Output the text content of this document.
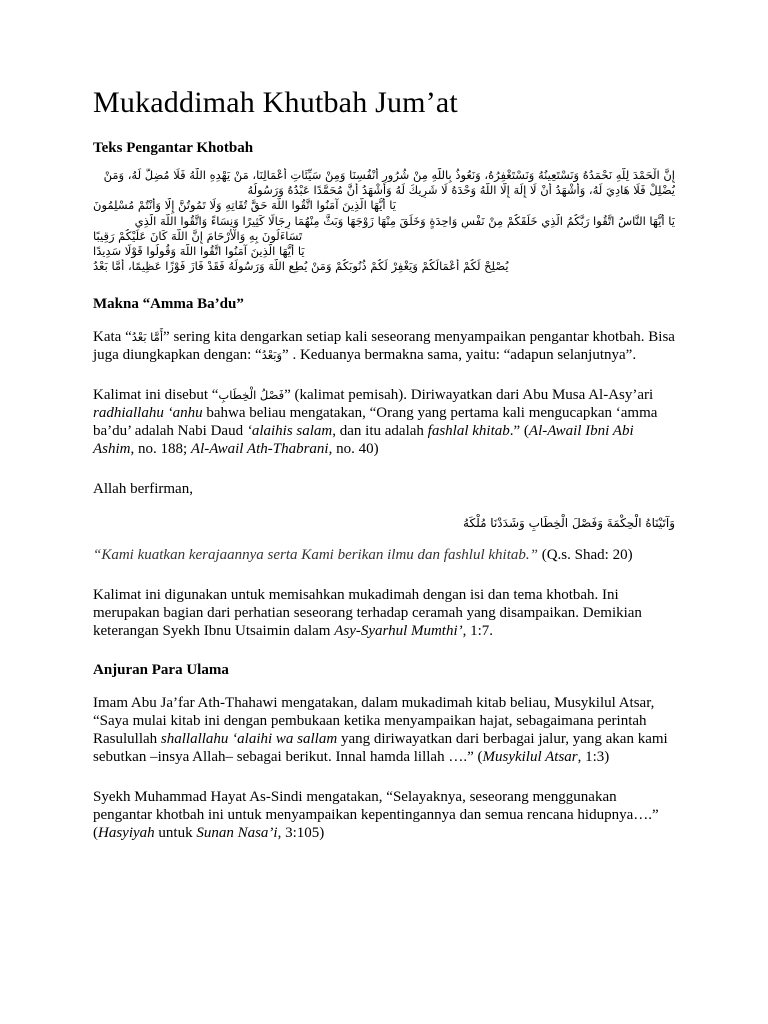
Mukaddimah Khutbah Jum’at
Teks Pengantar Khotbah
إِنَّ الْحَمْدَ لِلَّهِ نَحْمَدُهُ وَنَسْتَعِينُهُ وَنَسْتَغْفِرُهُ، وَنَعُوذُ بِاللَّهِ مِنْ شُرُورِ أَنْفُسِنَا وَمِنْ سَيِّئَاتِ أَعْمَالِنَا، مَنْ يَهْدِهِ اللَّهُ فَلَا مُضِلَّ لَهُ، وَمَنْ
يُضْلِلْ فَلَا هَادِيَ لَهُ، وَأَشْهَدُ أَنْ لَا إِلَهَ إِلَّا اللَّهُ وَحْدَهُ لَا شَرِيكَ لَهُ وَأَشْهَدُ أَنَّ مُحَمَّدًا عَبْدُهُ وَرَسُولُهُ
يَا أَيُّهَا الَّذِينَ آمَنُوا اتَّقُوا اللَّهَ حَقَّ تُقَاتِهِ وَلَا تَمُوتُنَّ إِلَّا وَأَنْتُمْ مُسْلِمُونَ
يَا أَيُّهَا النَّاسُ اتَّقُوا رَبَّكُمُ الَّذِي خَلَقَكُمْ مِنْ نَفْسٍ وَاحِدَةٍ وَخَلَقَ مِنْهَا زَوْجَهَا وَبَثَّ مِنْهُمَا رِجَالًا كَثِيرًا وَنِسَاءً وَاتَّقُوا اللَّهَ الَّذِي
تَسَاءَلُونَ بِهِ وَالْأَرْحَامَ إِنَّ اللَّهَ كَانَ عَلَيْكُمْ رَقِيبًا
يَا أَيُّهَا الَّذِينَ آمَنُوا اتَّقُوا اللَّهَ وَقُولُوا قَوْلًا سَدِيدًا
يُصْلِحْ لَكُمْ أَعْمَالَكُمْ وَيَغْفِرْ لَكُمْ ذُنُوبَكُمْ وَمَنْ يُطِعِ اللَّهَ وَرَسُولَهُ فَقَدْ فَازَ فَوْزًا عَظِيمًا، أَمَّا بَعْدُ
Makna “Amma Ba’du”

Kata “أَمَّا بَعْدُ” sering kita dengarkan setiap kali seseorang menyampaikan pengantar khotbah. Bisa juga diungkapkan dengan: “وَبَعْدُ” . Keduanya bermakna sama, yaitu: “adapun selanjutnya”.

Kalimat ini disebut “فَصْلُ الْخِطَابِ” (kalimat pemisah). Diriwayatkan dari Abu Musa Al-Asy’ari radhiallahu ‘anhu bahwa beliau mengatakan, “Orang yang pertama kali mengucapkan ‘amma ba’du’ adalah Nabi Daud ‘alaihis salam, dan itu adalah fashlal khitab.” (Al-Awail Ibni Abi Ashim, no. 188; Al-Awail Ath-Thabrani, no. 40)

Allah berfirman,

وَآتَيْنَاهُ الْحِكْمَةَ وَفَصْلَ الْخِطَابِ وَشَدَدْنَا مُلْكَهُ

“Kami kuatkan kerajaannya serta Kami berikan ilmu dan fashlul khitab.” (Q.s. Shad: 20)

Kalimat ini digunakan untuk memisahkan mukadimah dengan isi dan tema khotbah. Ini merupakan bagian dari perhatian seseorang terhadap ceramah yang disampaikan. Demikian keterangan Syekh Ibnu Utsaimin dalam Asy-Syarhul Mumthi’, 1:7.

Anjuran Para Ulama

Imam Abu Ja’far Ath-Thahawi mengatakan, dalam mukadimah kitab beliau, Musykilul Atsar, “Saya mulai kitab ini dengan pembukaan ketika menyampaikan hajat, sebagaimana perintah Rasulullah shallallahu ‘alaihi wa sallam yang diriwayatkan dari berbagai jalur, yang akan kami sebutkan –insya Allah– sebagai berikut. Innal hamda lillah ….” (Musykilul Atsar, 1:3)

Syekh Muhammad Hayat As-Sindi mengatakan, “Selayaknya, seseorang menggunakan pengantar khotbah ini untuk menyampaikan kepentingannya dan semua rencana hidupnya….” (Hasyiyah untuk Sunan Nasa’i, 3:105)
